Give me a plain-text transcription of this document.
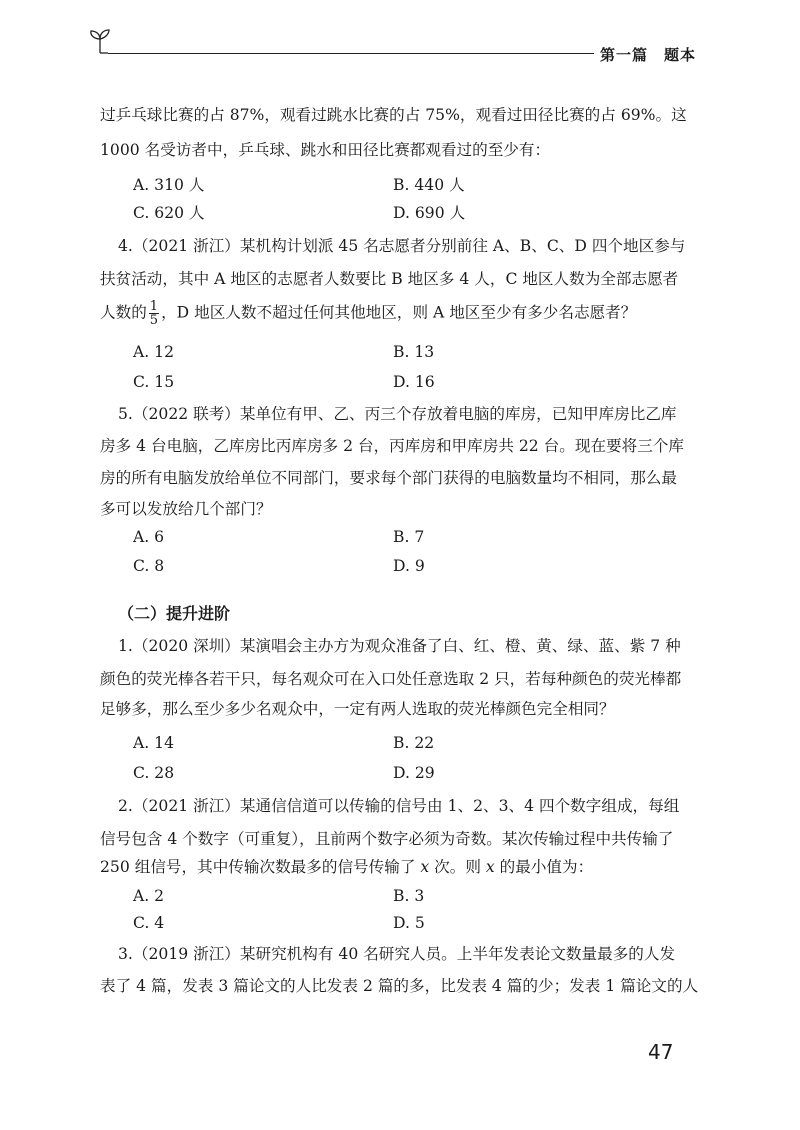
第一篇　题本
过乒乓球比赛的占 87%，观看过跳水比赛的占 75%，观看过田径比赛的占 69%。这
1000 名受访者中，乒乓球、跳水和田径比赛都观看过的至少有：
A. 310 人	B. 440 人
C. 620 人	D. 690 人
4.（2021 浙江）某机构计划派 45 名志愿者分别前往 A、B、C、D 四个地区参与
扶贫活动，其中 A 地区的志愿者人数要比 B 地区多 4 人，C 地区人数为全部志愿者
人数的 $\frac{1}{5}$ ，D 地区人数不超过任何其他地区，则 A 地区至少有多少名志愿者？
A. 12	B. 13
C. 15	D. 16
5.（2022 联考）某单位有甲、乙、丙三个存放着电脑的库房，已知甲库房比乙库
房多 4 台电脑，乙库房比丙库房多 2 台，丙库房和甲库房共 22 台。现在要将三个库
房的所有电脑发放给单位不同部门，要求每个部门获得的电脑数量均不相同，那么最
多可以发放给几个部门？
A. 6	B. 7
C. 8	D. 9
（二）提升进阶
1.（2020 深圳）某演唱会主办方为观众准备了白、红、橙、黄、绿、蓝、紫 7 种
颜色的荧光棒各若干只，每名观众可在入口处任意选取 2 只，若每种颜色的荧光棒都
足够多，那么至少多少名观众中，一定有两人选取的荧光棒颜色完全相同？
A. 14	B. 22
C. 28	D. 29
2.（2021 浙江）某通信信道可以传输的信号由 1、2、3、4 四个数字组成，每组
信号包含 4 个数字（可重复），且前两个数字必须为奇数。某次传输过程中共传输了
250 组信号，其中传输次数最多的信号传输了 x 次。则 x 的最小值为：
A. 2	B. 3
C. 4	D. 5
3.（2019 浙江）某研究机构有 40 名研究人员。上半年发表论文数量最多的人发
表了 4 篇，发表 3 篇论文的人比发表 2 篇的多，比发表 4 篇的少；发表 1 篇论文的人
47
